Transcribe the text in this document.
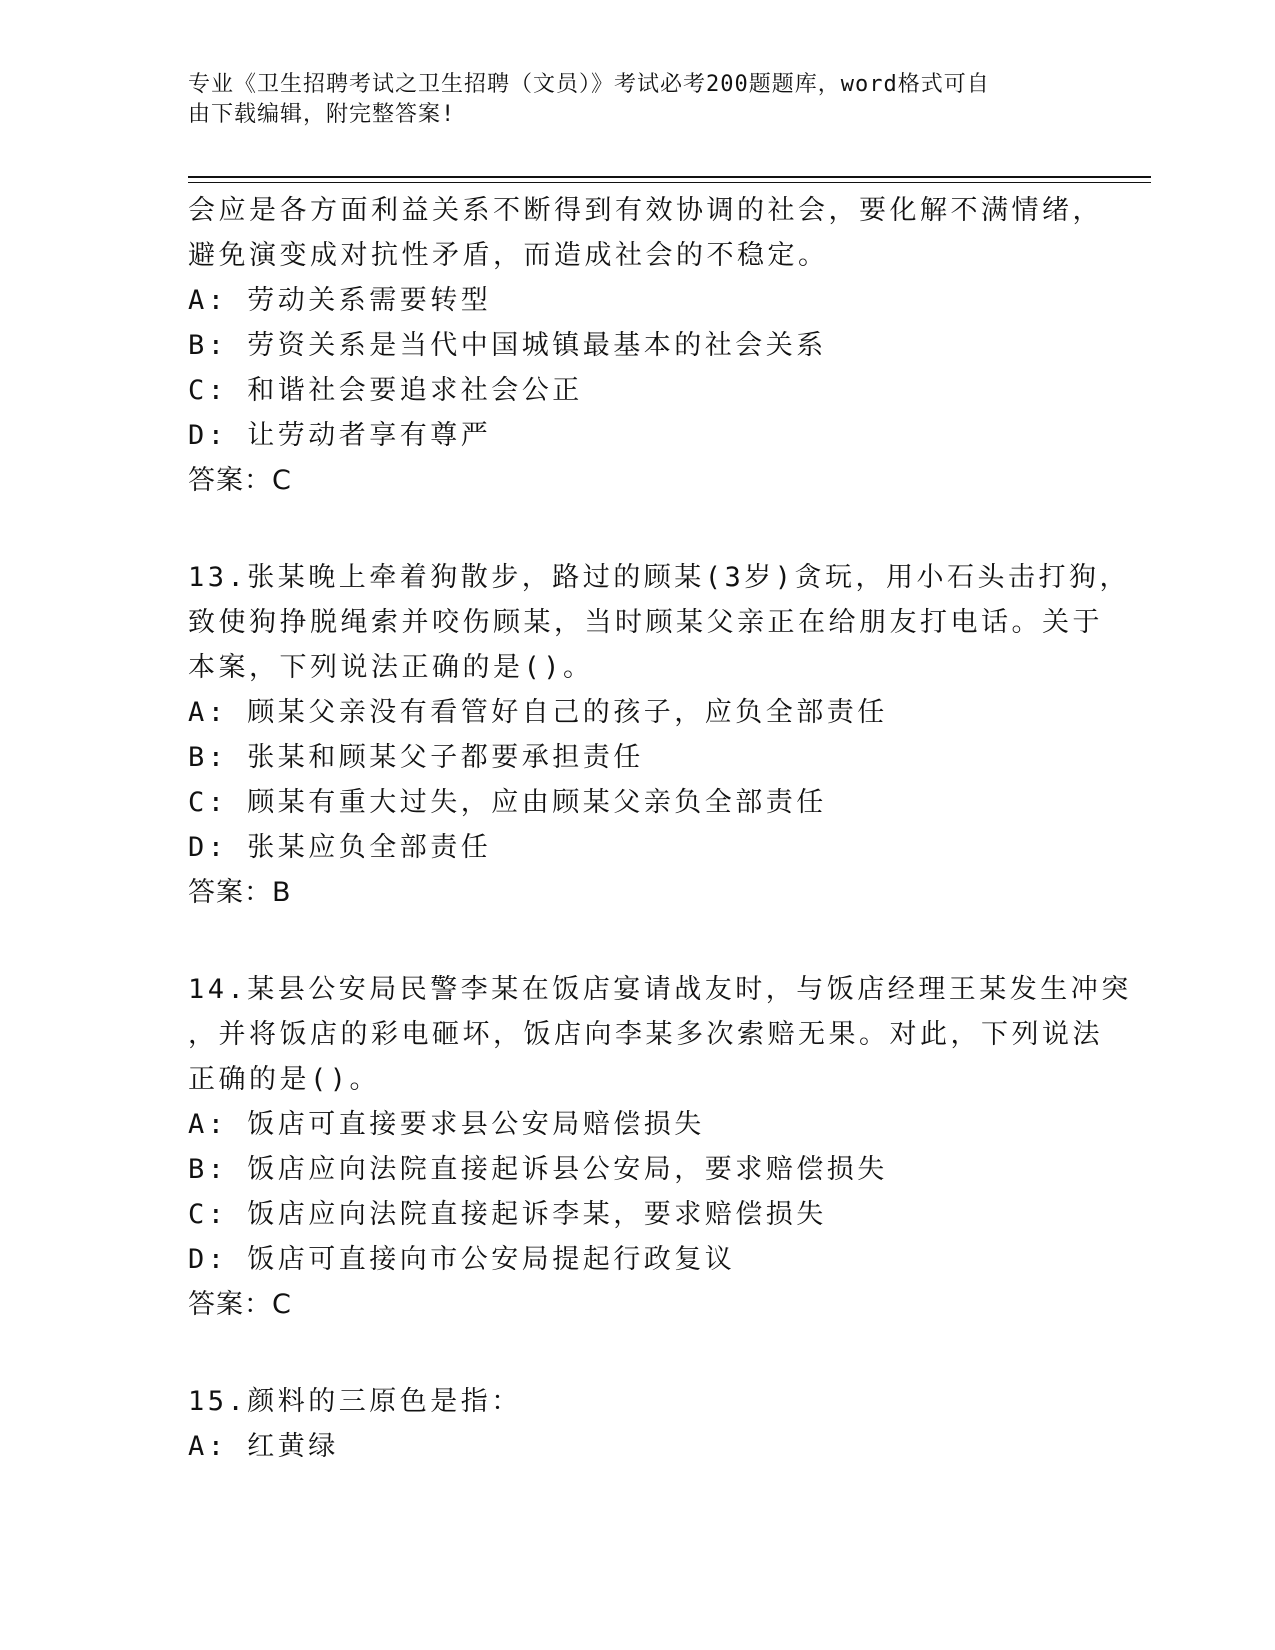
专业《卫生招聘考试之卫生招聘（文员）》考试必考200题题库，word格式可自
由下载编辑，附完整答案!
会应是各方面利益关系不断得到有效协调的社会，要化解不满情绪，
避免演变成对抗性矛盾，而造成社会的不稳定。
A: 劳动关系需要转型
B: 劳资关系是当代中国城镇最基本的社会关系
C: 和谐社会要追求社会公正
D: 让劳动者享有尊严
答案：C
13.张某晚上牵着狗散步，路过的顾某(3岁)贪玩，用小石头击打狗，
致使狗挣脱绳索并咬伤顾某，当时顾某父亲正在给朋友打电话。关于
本案，下列说法正确的是()。
A: 顾某父亲没有看管好自己的孩子，应负全部责任
B: 张某和顾某父子都要承担责任
C: 顾某有重大过失，应由顾某父亲负全部责任
D: 张某应负全部责任
答案：B
14.某县公安局民警李某在饭店宴请战友时，与饭店经理王某发生冲突
，并将饭店的彩电砸坏，饭店向李某多次索赔无果。对此，下列说法
正确的是()。
A: 饭店可直接要求县公安局赔偿损失
B: 饭店应向法院直接起诉县公安局，要求赔偿损失
C: 饭店应向法院直接起诉李某，要求赔偿损失
D: 饭店可直接向市公安局提起行政复议
答案：C
15.颜料的三原色是指：
A: 红黄绿
